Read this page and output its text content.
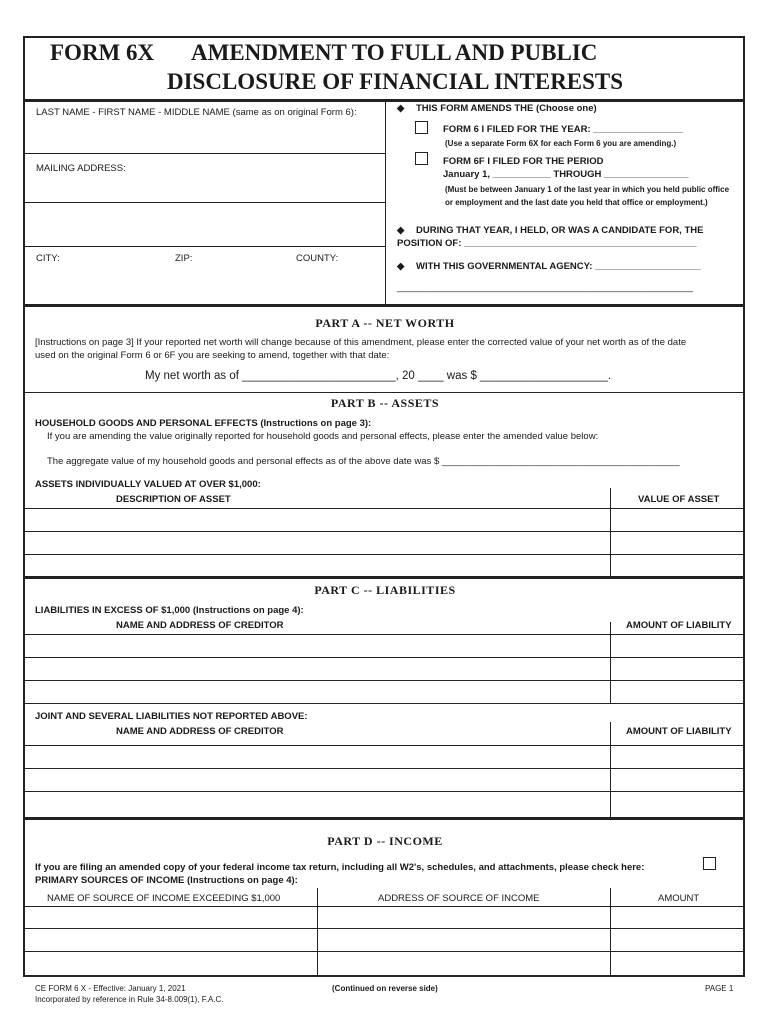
FORM 6X AMENDMENT TO FULL AND PUBLIC
DISCLOSURE OF FINANCIAL INTERESTS
LAST NAME - FIRST NAME - MIDDLE NAME (same as on original Form 6):
MAILING ADDRESS:
CITY:	ZIP:	COUNTY:
◆ THIS FORM AMENDS THE (Choose one)
FORM 6 I FILED FOR THE YEAR: _________________
(Use a separate Form 6X for each Form 6 you are amending.)
FORM 6F I FILED FOR THE PERIOD
January 1, ___________ THROUGH ________________
(Must be between January 1 of the last year in which you held public office
or employment and the last date you held that office or employment.)
◆ DURING THAT YEAR, I HELD, OR WAS A CANDIDATE FOR, THE
POSITION OF: ____________________________________________
◆ WITH THIS GOVERNMENTAL AGENCY: ____________________
________________________________________________________
PART A -- NET WORTH
[Instructions on page 3] If your reported net worth will change because of this amendment, please enter the corrected value of your net worth as of the date
used on the original Form 6 or 6F you are seeking to amend, together with that date:
My net worth as of ________________________, 20 ____ was $ ____________________.
PART B -- ASSETS
HOUSEHOLD GOODS AND PERSONAL EFFECTS (Instructions on page 3):
If you are amending the value originally reported for household goods and personal effects, please enter the amended value below:
The aggregate value of my household goods and personal effects as of the above date was $ _____________________________________________
ASSETS INDIVIDUALLY VALUED AT OVER $1,000:
DESCRIPTION OF ASSET	VALUE OF ASSET
PART C -- LIABILITIES
LIABILITIES IN EXCESS OF $1,000 (Instructions on page 4):
NAME AND ADDRESS OF CREDITOR	AMOUNT OF LIABILITY
JOINT AND SEVERAL LIABILITIES NOT REPORTED ABOVE:
NAME AND ADDRESS OF CREDITOR	AMOUNT OF LIABILITY
PART D -- INCOME
If you are filing an amended copy of your federal income tax return, including all W2's, schedules, and attachments, please check here:
PRIMARY SOURCES OF INCOME (Instructions on page 4):
NAME OF SOURCE OF INCOME EXCEEDING $1,000	ADDRESS OF SOURCE OF INCOME	AMOUNT
CE FORM 6 X - Effective: January 1, 2021
Incorporated by reference in Rule 34-8.009(1), F.A.C.
(Continued on reverse side)	PAGE 1
